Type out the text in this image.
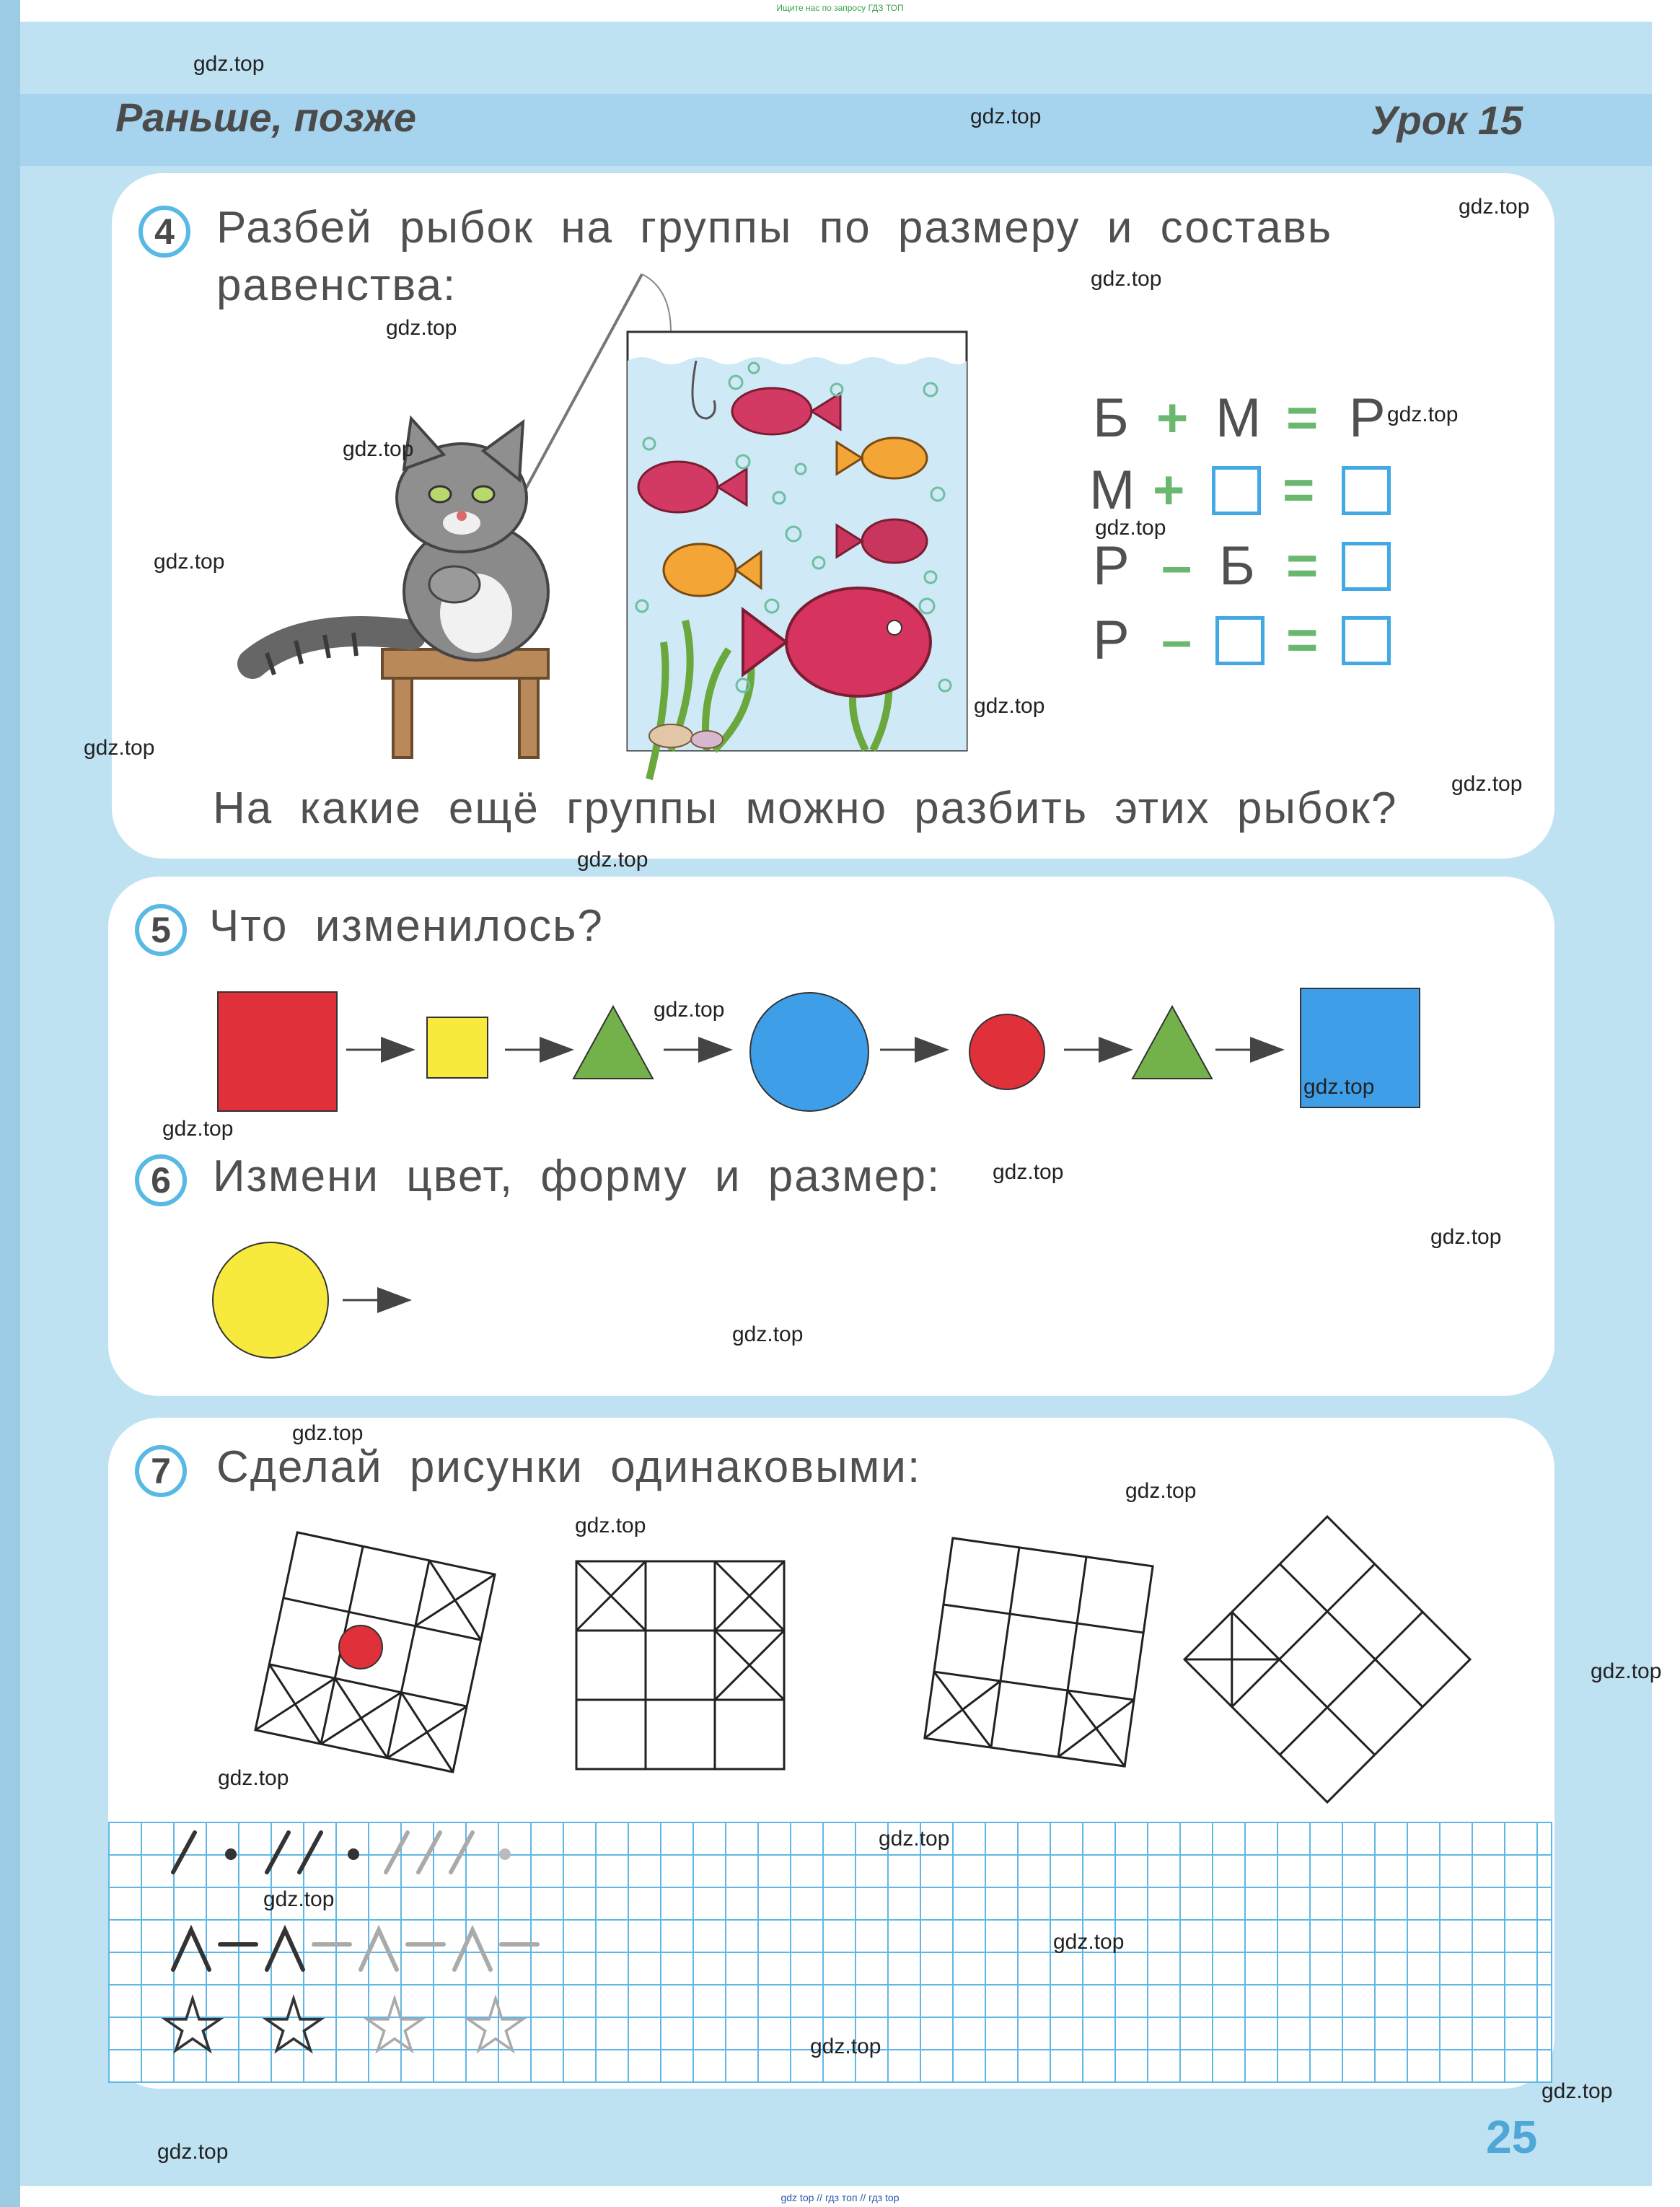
Ищите нас по запросу ГДЗ ТОП
Раньше, позже	Урок 15
4 Разбей рыбок на группы по размеру и составь
равенства:
Б + М = Р
М + =
Р – Б =
Р – =
На какие ещё группы можно разбить этих рыбок?
5 Что изменилось?
6 Измени цвет, форму и размер:
7	Сделай рисунки одинаковыми:
25
gdz.top
gdz.top
gdz.top
gdz.top
gdz.top
gdz.top
gdz.top
gdz.top
gdz.top
gdz.top
gdz.top
gdz.top
gdz.top
gdz.top
gdz.top
gdz.top
gdz.top
gdz.top
gdz.top
gdz.top
gdz.top
gdz.top
gdz.top
gdz.top
gdz.top
gdz.top
gdz.top
gdz.top
gdz.top
gdz.top
gdz top // гдз топ // гдз top
